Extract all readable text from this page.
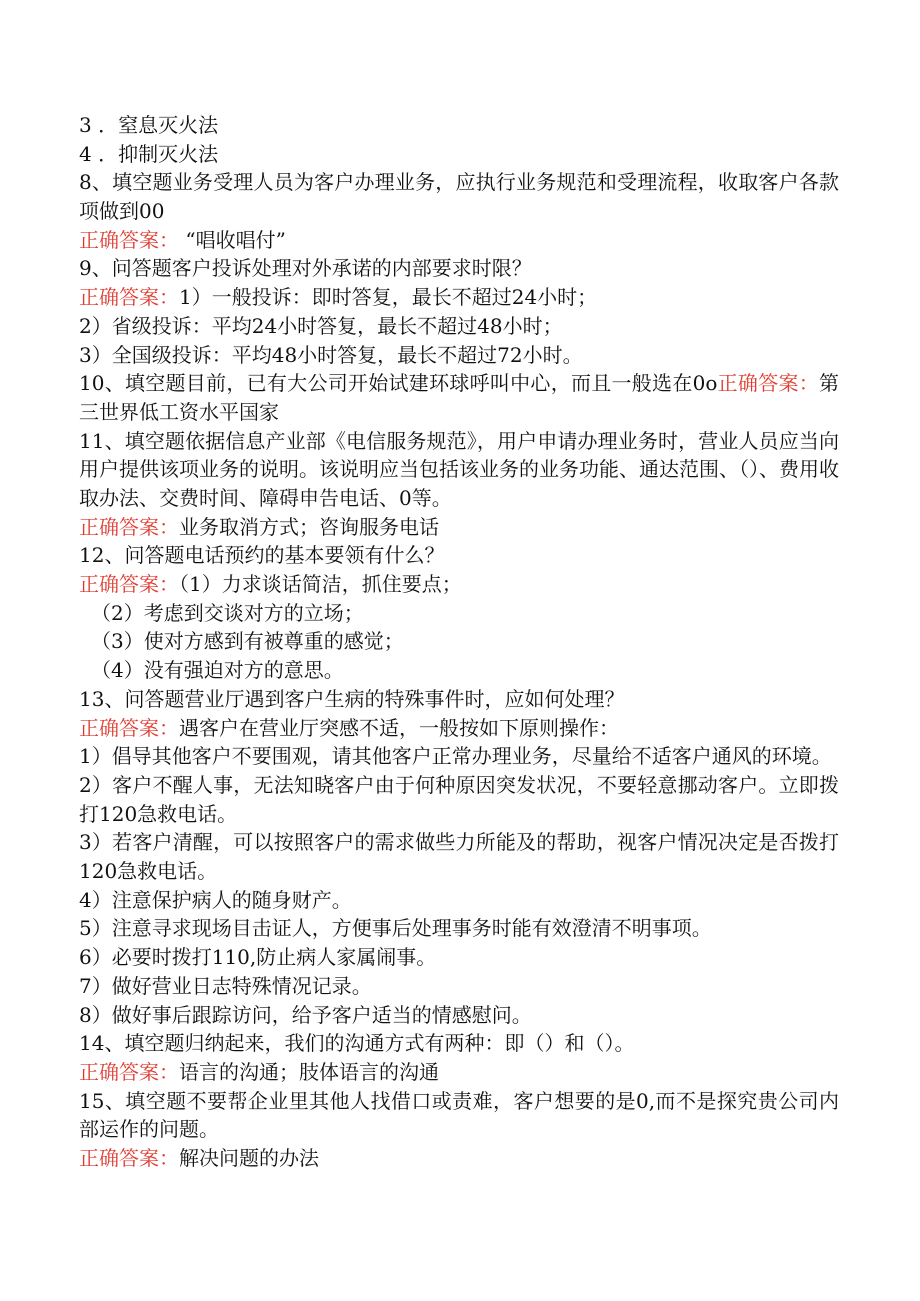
3 ．窒息灭火法
4 ．抑制灭火法
8、填空题业务受理人员为客户办理业务，应执行业务规范和受理流程，收取客户各款项做到00
正确答案： “唱收唱付”
9、问答题客户投诉处理对外承诺的内部要求时限？
正确答案：1）一般投诉：即时答复，最长不超过24小时；
2）省级投诉：平均24小时答复，最长不超过48小时；
3）全国级投诉：平均48小时答复，最长不超过72小时。
10、填空题目前，已有大公司开始试建环球呼叫中心，而且一般选在0o正确答案：第三世界低工资水平国家
11、填空题依据信息产业部《电信服务规范》，用户申请办理业务时，营业人员应当向用户提供该项业务的说明。该说明应当包括该业务的业务功能、通达范围、（）、费用收取办法、交费时间、障碍申告电话、0等。
正确答案：业务取消方式；咨询服务电话
12、问答题电话预约的基本要领有什么？
正确答案：（1）力求谈话简洁，抓住要点；
（2）考虑到交谈对方的立场；
（3）使对方感到有被尊重的感觉；
（4）没有强迫对方的意思。
13、问答题营业厅遇到客户生病的特殊事件时，应如何处理？
正确答案：遇客户在营业厅突感不适，一般按如下原则操作：
1）倡导其他客户不要围观，请其他客户正常办理业务，尽量给不适客户通风的环境。
2）客户不醒人事，无法知晓客户由于何种原因突发状况，不要轻意挪动客户。立即拨打120急救电话。
3）若客户清醒，可以按照客户的需求做些力所能及的帮助，视客户情况决定是否拨打120急救电话。
4）注意保护病人的随身财产。
5）注意寻求现场目击证人，方便事后处理事务时能有效澄清不明事项。
6）必要时拨打110,防止病人家属闹事。
7）做好营业日志特殊情况记录。
8）做好事后跟踪访问，给予客户适当的情感慰问。
14、填空题归纳起来，我们的沟通方式有两种：即（）和（）。
正确答案：语言的沟通；肢体语言的沟通
15、填空题不要帮企业里其他人找借口或责难，客户想要的是0,而不是探究贵公司内部运作的问题。
正确答案：解决问题的办法
